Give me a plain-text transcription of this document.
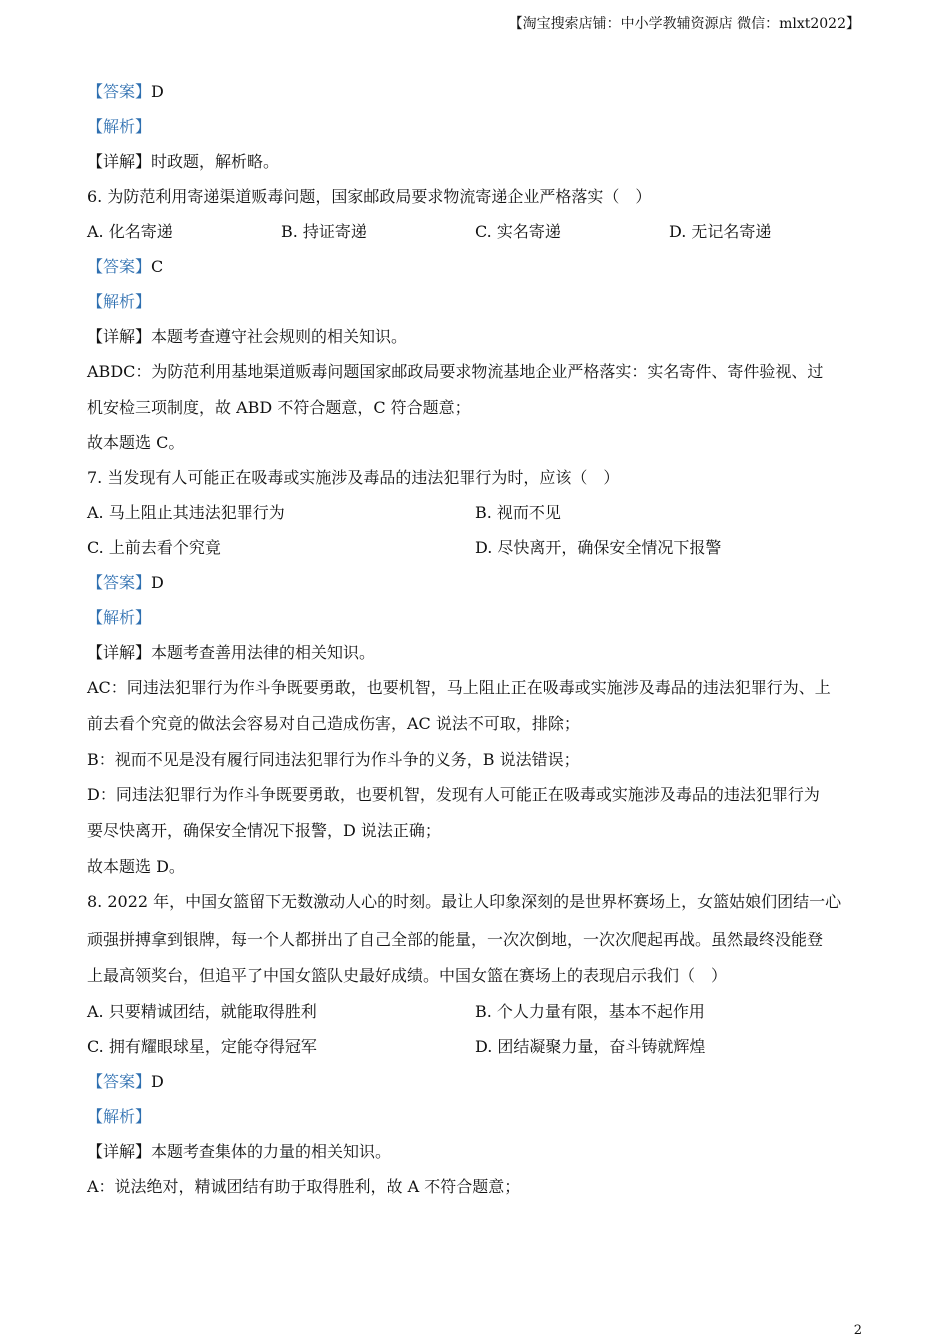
【淘宝搜索店铺：中小学教辅资源店 微信：mlxt2022】
【答案】D
【解析】
【详解】时政题，解析略。
6. 为防范利用寄递渠道贩毒问题，国家邮政局要求物流寄递企业严格落实（　）
A. 化名寄递	B. 持证寄递	C. 实名寄递	D. 无记名寄递
【答案】C
【解析】
【详解】本题考查遵守社会规则的相关知识。
ABDC：为防范利用基地渠道贩毒问题国家邮政局要求物流基地企业严格落实：实名寄件、寄件验视、过
机安检三项制度，故 ABD 不符合题意，C 符合题意；
故本题选 C。
7. 当发现有人可能正在吸毒或实施涉及毒品的违法犯罪行为时，应该（　）
A. 马上阻止其违法犯罪行为	B. 视而不见
C. 上前去看个究竟	D. 尽快离开，确保安全情况下报警
【答案】D
【解析】
【详解】本题考查善用法律的相关知识。
AC：同违法犯罪行为作斗争既要勇敢，也要机智，马上阻止正在吸毒或实施涉及毒品的违法犯罪行为、上
前去看个究竟的做法会容易对自己造成伤害，AC 说法不可取，排除；
B：视而不见是没有履行同违法犯罪行为作斗争的义务，B 说法错误；
D：同违法犯罪行为作斗争既要勇敢，也要机智，发现有人可能正在吸毒或实施涉及毒品的违法犯罪行为
要尽快离开，确保安全情况下报警，D 说法正确；
故本题选 D。
8. 2022 年，中国女篮留下无数激动人心的时刻。最让人印象深刻的是世界杯赛场上，女篮姑娘们团结一心
顽强拼搏拿到银牌，每一个人都拼出了自己全部的能量，一次次倒地，一次次爬起再战。虽然最终没能登
上最高领奖台，但追平了中国女篮队史最好成绩。中国女篮在赛场上的表现启示我们（　）
A. 只要精诚团结，就能取得胜利	B. 个人力量有限，基本不起作用
C. 拥有耀眼球星，定能夺得冠军	D. 团结凝聚力量，奋斗铸就辉煌
【答案】D
【解析】
【详解】本题考查集体的力量的相关知识。
A：说法绝对，精诚团结有助于取得胜利，故 A 不符合题意；
2
